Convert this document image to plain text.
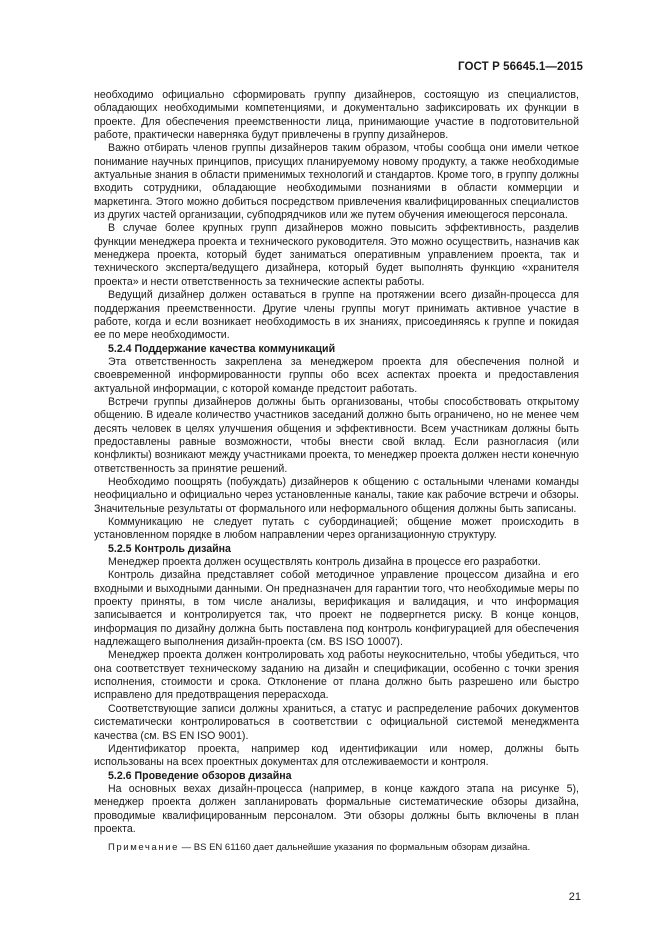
ГОСТ Р 56645.1—2015

необходимо официально сформировать группу дизайнеров, состоящую из специалистов, обладающих необходимыми компетенциями, и документально зафиксировать их функции в проекте. Для обеспечения преемственности лица, принимающие участие в подготовительной работе, практически наверняка будут привлечены в группу дизайнеров.

Важно отбирать членов группы дизайнеров таким образом, чтобы сообща они имели четкое понимание научных принципов, присущих планируемому новому продукту, а также необходимые актуальные знания в области применимых технологий и стандартов. Кроме того, в группу должны входить сотрудники, обладающие необходимыми познаниями в области коммерции и маркетинга. Этого можно добиться посредством привлечения квалифицированных специалистов из других частей организации, субподрядчиков или же путем обучения имеющегося персонала.

В случае более крупных групп дизайнеров можно повысить эффективность, разделив функции менеджера проекта и технического руководителя. Это можно осуществить, назначив как менеджера проекта, который будет заниматься оперативным управлением проекта, так и технического эксперта/ведущего дизайнера, который будет выполнять функцию «хранителя проекта» и нести ответственность за технические аспекты работы.

Ведущий дизайнер должен оставаться в группе на протяжении всего дизайн-процесса для поддержания преемственности. Другие члены группы могут принимать активное участие в работе, когда и если возникает необходимость в их знаниях, присоединяясь к группе и покидая ее по мере необходимости.

5.2.4 Поддержание качества коммуникаций

Эта ответственность закреплена за менеджером проекта для обеспечения полной и своевременной информированности группы обо всех аспектах проекта и предоставления актуальной информации, с которой команде предстоит работать.

Встречи группы дизайнеров должны быть организованы, чтобы способствовать открытому общению. В идеале количество участников заседаний должно быть ограничено, но не менее чем десять человек в целях улучшения общения и эффективности. Всем участникам должны быть предоставлены равные возможности, чтобы внести свой вклад. Если разногласия (или конфликты) возникают между участниками проекта, то менеджер проекта должен нести конечную ответственность за принятие решений.

Необходимо поощрять (побуждать) дизайнеров к общению с остальными членами команды неофициально и официально через установленные каналы, такие как рабочие встречи и обзоры. Значительные результаты от формального или неформального общения должны быть записаны.

Коммуникацию не следует путать с субординацией; общение может происходить в установленном порядке в любом направлении через организационную структуру.

5.2.5 Контроль дизайна

Менеджер проекта должен осуществлять контроль дизайна в процессе его разработки.

Контроль дизайна представляет собой методичное управление процессом дизайна и его входными и выходными данными. Он предназначен для гарантии того, что необходимые меры по проекту приняты, в том числе анализы, верификация и валидация, и что информация записывается и контролируется так, что проект не подвергнется риску. В конце концов, информация по дизайну должна быть поставлена под контроль конфигурацией для обеспечения надлежащего выполнения дизайн-проекта (см. BS ISO 10007).

Менеджер проекта должен контролировать ход работы неукоснительно, чтобы убедиться, что она соответствует техническому заданию на дизайн и спецификации, особенно с точки зрения исполнения, стоимости и срока. Отклонение от плана должно быть разрешено или быстро исправлено для предотвращения перерасхода.

Соответствующие записи должны храниться, а статус и распределение рабочих документов систематически контролироваться в соответствии с официальной системой менеджмента качества (см. BS EN ISO 9001).

Идентификатор проекта, например код идентификации или номер, должны быть использованы на всех проектных документах для отслеживаемости и контроля.

5.2.6 Проведение обзоров дизайна

На основных вехах дизайн-процесса (например, в конце каждого этапа на рисунке 5), менеджер проекта должен запланировать формальные систематические обзоры дизайна, проводимые квалифицированным персоналом. Эти обзоры должны быть включены в план проекта.

Примечание — BS EN 61160 дает дальнейшие указания по формальным обзорам дизайна.

21
